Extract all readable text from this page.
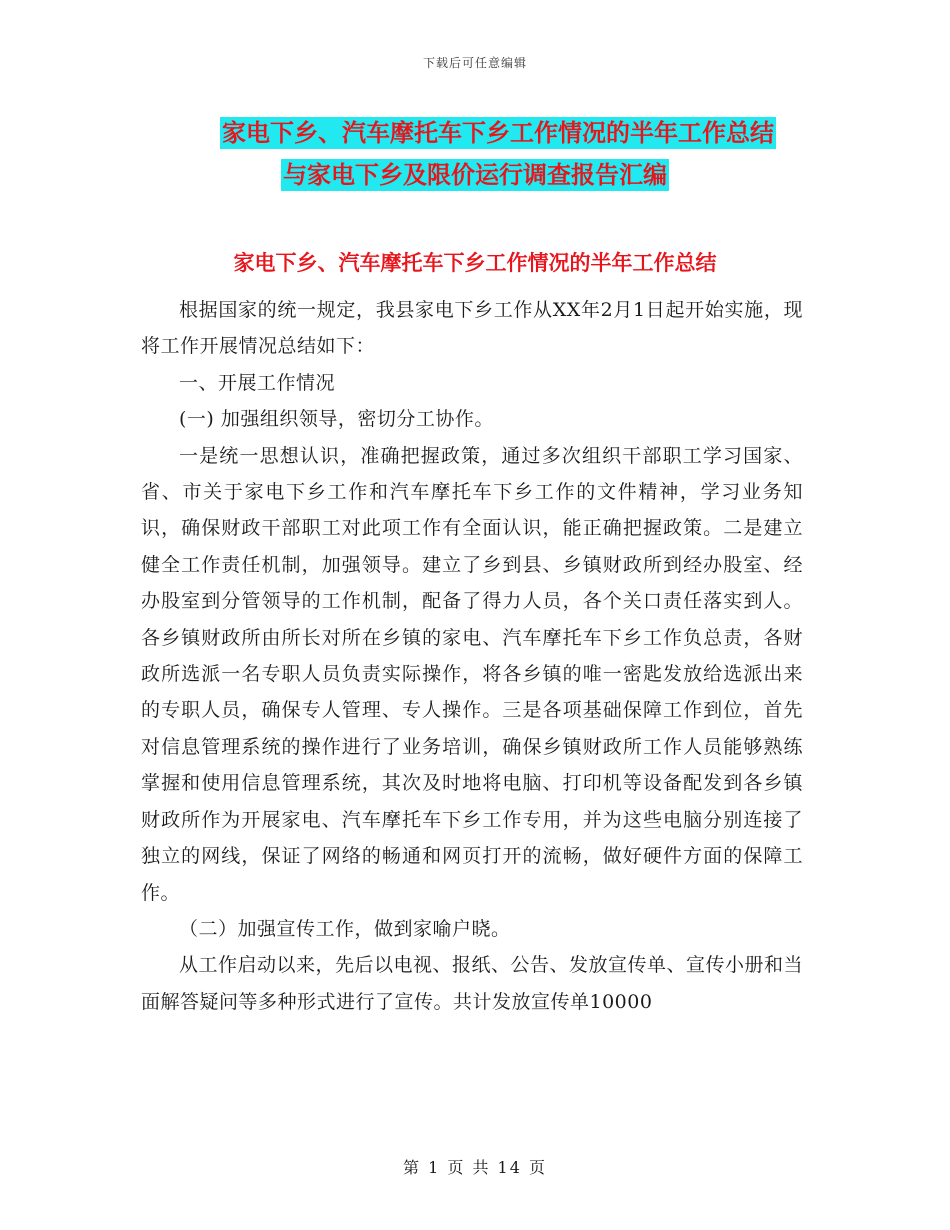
下载后可任意编辑
家电下乡、汽车摩托车下乡工作情况的半年工作总结
与家电下乡及限价运行调查报告汇编
家电下乡、汽车摩托车下乡工作情况的半年工作总结

根据国家的统一规定，我县家电下乡工作从XX年2月1日起开始实施，现将工作开展情况总结如下：

一、开展工作情况

(一) 加强组织领导，密切分工协作。

一是统一思想认识，准确把握政策，通过多次组织干部职工学习国家、省、市关于家电下乡工作和汽车摩托车下乡工作的文件精神，学习业务知识，确保财政干部职工对此项工作有全面认识，能正确把握政策。二是建立健全工作责任机制，加强领导。建立了乡到县、乡镇财政所到经办股室、经办股室到分管领导的工作机制，配备了得力人员，各个关口责任落实到人。各乡镇财政所由所长对所在乡镇的家电、汽车摩托车下乡工作负总责，各财政所选派一名专职人员负责实际操作，将各乡镇的唯一密匙发放给选派出来的专职人员，确保专人管理、专人操作。三是各项基础保障工作到位，首先对信息管理系统的操作进行了业务培训，确保乡镇财政所工作人员能够熟练掌握和使用信息管理系统，其次及时地将电脑、打印机等设备配发到各乡镇财政所作为开展家电、汽车摩托车下乡工作专用，并为这些电脑分别连接了独立的网线，保证了网络的畅通和网页打开的流畅，做好硬件方面的保障工作。

（二）加强宣传工作，做到家喻户晓。

从工作启动以来，先后以电视、报纸、公告、发放宣传单、宣传小册和当面解答疑问等多种形式进行了宣传。共计发放宣传单10000

第 1 页 共 14 页
